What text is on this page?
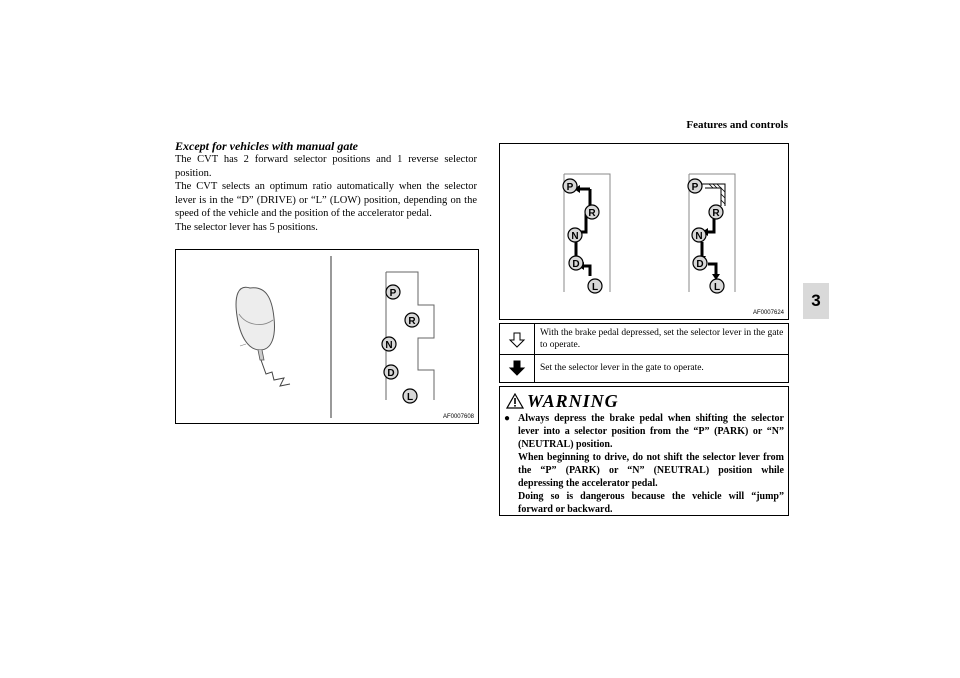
Features and controls
3
Except for vehicles with manual gate

The CVT has 2 forward selector positions and 1 reverse selector position.

The CVT selects an optimum ratio automatically when the selector lever is in the “D” (DRIVE) or “L” (LOW) position, depending on the speed of the vehicle and the position of the accelerator pedal.

The selector lever has 5 positions.

P
R
N
D
L
AF0007608
P
R
N
D
L
P
R
N
D
L
AF0007624
With the brake pedal depressed, set the selector lever in the gate to operate.
Set the selector lever in the gate to operate.
WARNING
● Always depress the brake pedal when shifting the selector lever into a selector position from the “P” (PARK) or “N” (NEUTRAL) position.

When beginning to drive, do not shift the selector lever from the “P” (PARK) or “N” (NEUTRAL) position while depressing the accelerator pedal.

Doing so is dangerous because the vehicle will “jump” forward or backward.
